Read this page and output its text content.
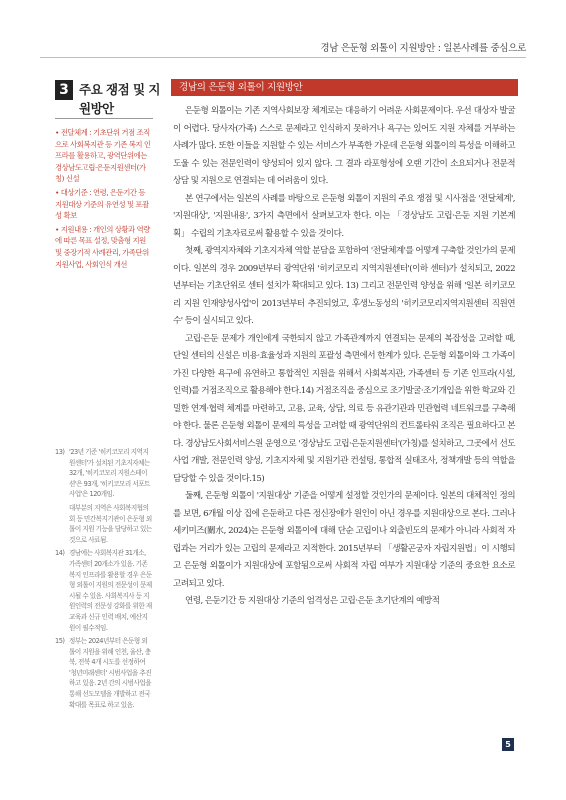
경남 은둔형 외톨이 지원방안 : 일본사례를 중심으로
3 주요 쟁점 및 지원방안
• 전달체계 : 기초단위 거점 조직으로 사회복지관 등 기존 복지 인프라를 활용하고, 광역단위에는 경상남도고립·은둔지원센터(가칭) 신설
• 대상기준 : 연령, 은둔기간 등 지원대상 기준의 유연성 및 포괄성 확보
• 지원내용 : 개인의 상황과 역량에 따른 목표 설정, 맞춤형 지원 및 중장기적 사례관리, 가족단위 지원사업, 사회인식 개선
13) '23년 기준 '히키코모리 지역지원센터'가 설치된 기초지자체는 32개, '히키코모리 지원스테이션'은 93개, '히키코모리 서포트사업'은 120개임.
대부분의 지역은 사회복지협의회 등 민간복지기관이 은둔형 외톨이 지원 기능을 담당하고 있는 것으로 사료됨.
14) 경남에는 사회복지관 31개소, 가족센터 20개소가 있음. 기존 복지 인프라를 활용할 경우 은둔형 외톨이 지원의 전문성이 문제시될 수 있음. 사회복지사 등 지원인력의 전문성 강화를 위한 재교육과 신규 인력 배치, 예산지원이 필수적임.
15) 정부는 2024년부터 은둔형 외톨이 지원을 위해 인천, 울산, 충북, 전북 4개 시도를 선정하여 '청년미래센터' 시범사업을 추진하고 있음. 2년 간의 시범사업을 통해 선도모델을 개발하고 전국 확대를 목표로 하고 있음.
경남의 은둔형 외톨이 지원방안

은둔형 외톨이는 기존 지역사회보장 체계로는 대응하기 어려운 사회문제이다. 우선 대상자 발굴이 어렵다. 당사자(가족) 스스로 문제라고 인식하지 못하거나 욕구는 있어도 지원 자체를 거부하는 사례가 많다. 또한 이들을 지원할 수 있는 서비스가 부족한 가운데 은둔형 외톨이의 특성을 이해하고 도울 수 있는 전문인력이 양성되어 있지 않다. 그 결과 라포형성에 오랜 기간이 소요되거나 전문적 상담 및 지원으로 연결되는 데 어려움이 있다.

본 연구에서는 일본의 사례를 바탕으로 은둔형 외톨이 지원의 주요 쟁점 및 시사점을 '전달체계', '지원대상', '지원내용', 3가지 측면에서 살펴보고자 한다. 이는 「경상남도 고립·은둔 지원 기본계획」 수립의 기초자료로써 활용할 수 있을 것이다.

첫째, 광역지자체와 기초지자체 역할 분담을 포함하여 '전달체계'를 어떻게 구축할 것인가의 문제이다. 일본의 경우 2009년부터 광역단위 '히키코모리 지역지원센터'(이하 센터)가 설치되고, 2022년부터는 기초단위로 센터 설치가 확대되고 있다. 13) 그리고 전문인력 양성을 위해 '일본 히키코모리 지원 인재양성사업'이 2013년부터 추진되었고, 후생노동성의 '히키코모리지역지원센터 직원연수' 등이 실시되고 있다.

고립·은둔 문제가 개인에게 국한되지 않고 가족관계까지 연결되는 문제의 복잡성을 고려할 때, 단일 센터의 신설은 비용·효율성과 지원의 포괄성 측면에서 한계가 있다. 은둔형 외톨이와 그 가족이 가진 다양한 욕구에 유연하고 통합적인 지원을 위해서 사회복지관, 가족센터 등 기존 인프라(시설, 인력)를 거점조직으로 활용해야 한다.14) 거점조직을 중심으로 조기발굴·조기개입을 위한 학교와 긴밀한 연계·협력 체계를 마련하고, 고용, 교육, 상담, 의료 등 유관기관과 민관협력 네트워크를 구축해야 한다. 물론 은둔형 외톨이 문제의 특성을 고려할 때 광역단위의 컨트롤타워 조직은 필요하다고 본다. 경상남도사회서비스원 운영으로 '경상남도 고립·은둔지원센터'(가칭)를 설치하고, 그곳에서 선도사업 개발, 전문인력 양성, 기초지자체 및 지원기관 컨설팅, 통합적 실태조사, 정책개발 등의 역할을 담당할 수 있을 것이다.15)

둘째, 은둔형 외톨이 '지원대상' 기준을 어떻게 설정할 것인가의 문제이다. 일본의 대체적인 정의를 보면, 6개월 이상 집에 은둔하고 다른 정신장애가 원인이 아닌 경우를 지원대상으로 본다. 그러나 세키미즈(關水, 2024)는 은둔형 외톨이에 대해 단순 고립이나 외출빈도의 문제가 아니라 사회적 자립과는 거리가 있는 고립의 문제라고 지적한다. 2015년부터 「생활곤궁자 자립지원법」이 시행되고 은둔형 외톨이가 지원대상에 포함됨으로써 사회적 자립 여부가 지원대상 기준의 중요한 요소로 고려되고 있다.

연령, 은둔기간 등 지원대상 기준의 엄격성은 고립·은둔 초기단계의 예방적

5
